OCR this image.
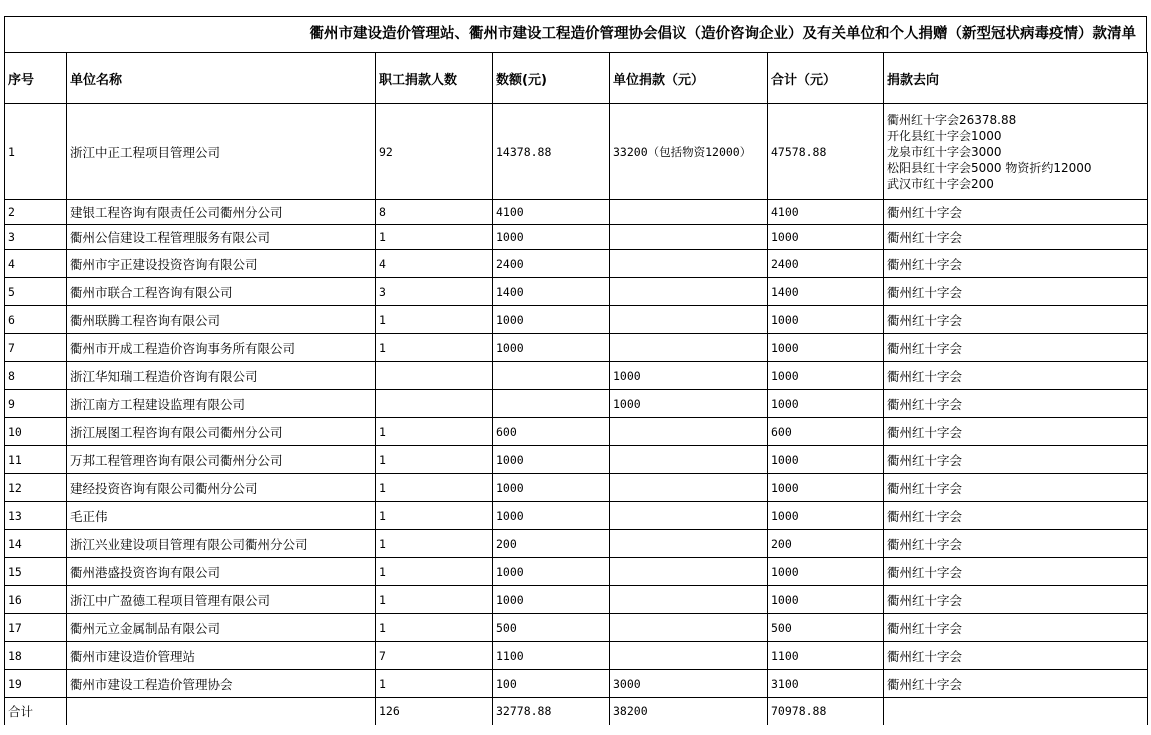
衢州市建设造价管理站、衢州市建设工程造价管理协会倡议（造价咨询企业）及有关单位和个人捐赠（新型冠状病毒疫情）款清单
序号	单位名称	职工捐款人数	数额(元)	单位捐款（元）	合计（元）	捐款去向
1	浙江中正工程项目管理公司	92	14378.88	33200（包括物资12000）	47578.88	衢州红十字会26378.88
开化县红十字会1000
龙泉市红十字会3000
松阳县红十字会5000 物资折约12000
武汉市红十字会200

2	建银工程咨询有限责任公司衢州分公司	8	4100		4100	衢州红十字会
3	衢州公信建设工程管理服务有限公司	1	1000		1000	衢州红十字会
4	衢州市宇正建设投资咨询有限公司	4	2400		2400	衢州红十字会
5	衢州市联合工程咨询有限公司	3	1400		1400	衢州红十字会
6	衢州联腾工程咨询有限公司	1	1000		1000	衢州红十字会
7	衢州市开成工程造价咨询事务所有限公司	1	1000		1000	衢州红十字会
8	浙江华知瑞工程造价咨询有限公司			1000	1000	衢州红十字会
9	浙江南方工程建设监理有限公司			1000	1000	衢州红十字会
10	浙江展图工程咨询有限公司衢州分公司	1	600		600	衢州红十字会
11	万邦工程管理咨询有限公司衢州分公司	1	1000		1000	衢州红十字会
12	建经投资咨询有限公司衢州分公司	1	1000		1000	衢州红十字会
13	毛正伟	1	1000		1000	衢州红十字会
14	浙江兴业建设项目管理有限公司衢州分公司	1	200		200	衢州红十字会
15	衢州港盛投资咨询有限公司	1	1000		1000	衢州红十字会
16	浙江中广盈德工程项目管理有限公司	1	1000		1000	衢州红十字会
17	衢州元立金属制品有限公司	1	500		500	衢州红十字会
18	衢州市建设造价管理站	7	1100		1100	衢州红十字会
19	衢州市建设工程造价管理协会	1	100	3000	3100	衢州红十字会
合计		126	32778.88	38200	70978.88	
